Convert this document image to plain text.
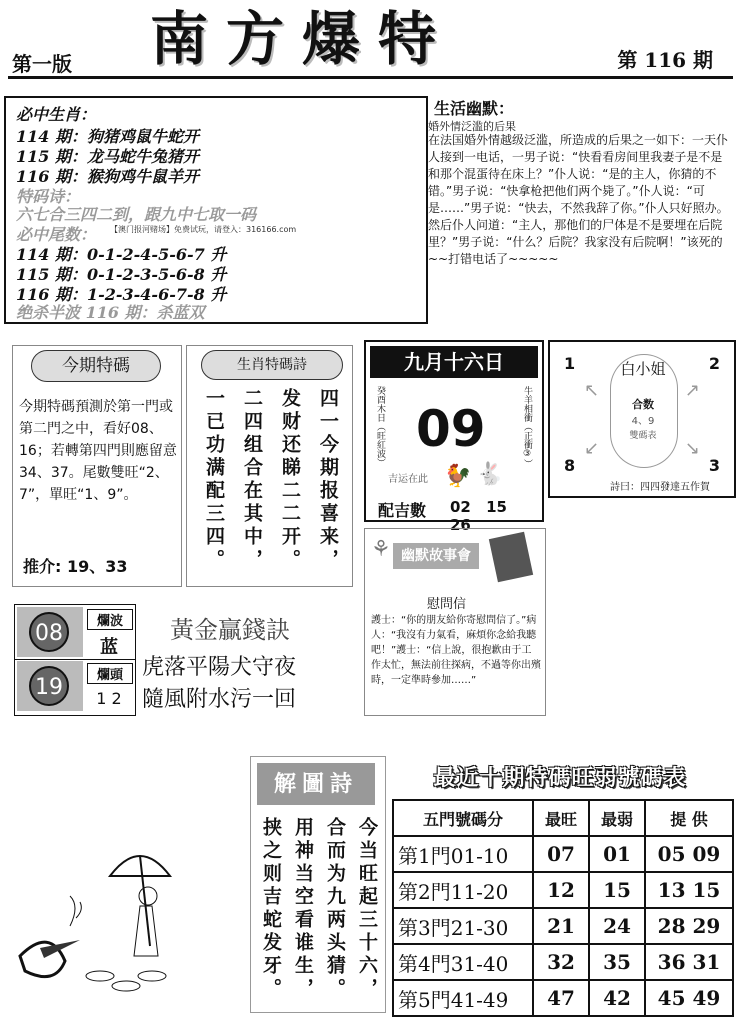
第一版 南方爆特	第 116 期
必中生肖：
114 期：狗猪鸡鼠牛蛇开
115 期：龙马蛇牛兔猪开
116 期：猴狗鸡牛鼠羊开
特码诗：
六七合三四二到，跟九中七取一码
必中尾数： 【澳门报河赌场】免费试玩，请登入：316166.com
114 期：0-1-2-4-5-6-7 升
115 期：0-1-2-3-5-6-8 升
116 期：1-2-3-4-6-7-8 升
绝杀半波 116 期：杀蓝双
生活幽默：
婚外情泛滥的后果
在法国婚外情越级泛滥，所造成的后果之一如下：一天仆人接到一电话，一男子说：“快看看房间里我妻子是不是和那个混蛋待在床上？”仆人说：“是的主人，你猜的不错。”男子说：“快拿枪把他们两个毙了。”仆人说：“可是……”男子说：“快去，不然我辞了你。”仆人只好照办。然后仆人问道：“主人，那他们的尸体是不是要埋在后院里？”男子说：“什么？后院？我家没有后院啊！”该死的~~打错电话了~~~~~
今期特碼
今期特碼預測於第一門或第二門之中，看好08、16；若轉第四門則應留意34、37。尾數雙旺“2、7”，單旺“1、9”。
推介: 19、33
生肖特碼詩
四一今期报喜来，
发财还睇二二开。
二四组合在其中，
一已功满配三四。
九月十六日
癸酉木日（旺紅波）	牛羊相衝（正衝③）
09
吉运在此 🐓 🐇
配吉數 02 15 26
1	2
8	3
白小姐
合数
4、9
雙碼表
↖	↗
↙	↘
詩曰：四四發達五作賀
⚘ 幽默故事會
慰問信
護士：“你的朋友給你寄慰問信了。”病人：“我沒有力氣看，麻煩你念給我聽吧！”護士：“信上說，很抱歉由于工作太忙，無法前往探病，不過等你出殯時，一定準時參加……”
08	爛波
蓝
19	爛頭
1 2
黃金贏錢訣
虎落平陽犬守夜
隨風附水污一回
解圖詩
今当旺起三十六，
合而为九两头猜。
用神当空看谁生，
挟之则吉蛇发牙。
最近十期特碼旺弱號碼表
五門號碼分	最旺	最弱	提 供
第1門01-10	07	01	05 09
第2門11-20	12	15	13 15
第3門21-30	21	24	28 29
第4門31-40	32	35	36 31
第5門41-49	47	42	45 49
